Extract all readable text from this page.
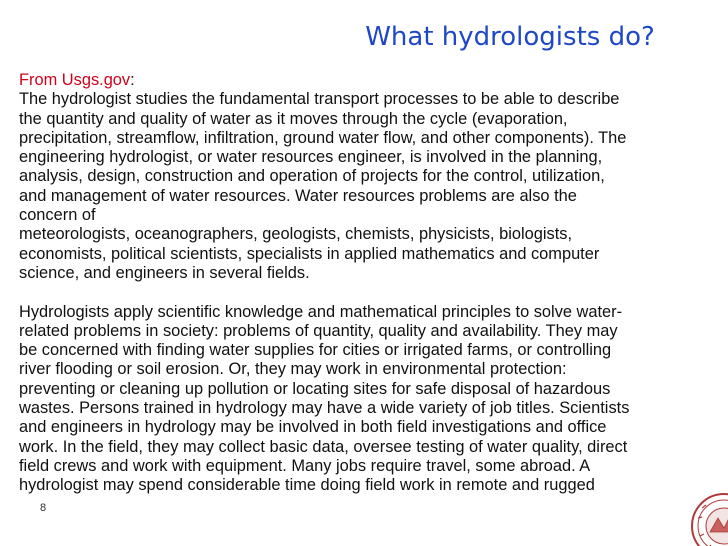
What hydrologists do?
From Usgs.gov:
The hydrologist studies the fundamental transport processes to be able to describe
the quantity and quality of water as it moves through the cycle (evaporation,
precipitation, streamflow, infiltration, ground water flow, and other components). The
engineering hydrologist, or water resources engineer, is involved in the planning,
analysis, design, construction and operation of projects for the control, utilization,
and management of water resources. Water resources problems are also the
concern of
meteorologists, oceanographers, geologists, chemists, physicists, biologists,
economists, political scientists, specialists in applied mathematics and computer
science, and engineers in several fields.
Hydrologists apply scientific knowledge and mathematical principles to solve water-
related problems in society: problems of quantity, quality and availability. They may
be concerned with finding water supplies for cities or irrigated farms, or controlling
river flooding or soil erosion. Or, they may work in environmental protection:
preventing or cleaning up pollution or locating sites for safe disposal of hazardous
wastes. Persons trained in hydrology may have a wide variety of job titles. Scientists
and engineers in hydrology may be involved in both field investigations and office
work. In the field, they may collect basic data, oversee testing of water quality, direct
field crews and work with equipment. Many jobs require travel, some abroad. A
hydrologist may spend considerable time doing field work in remote and rugged
8
